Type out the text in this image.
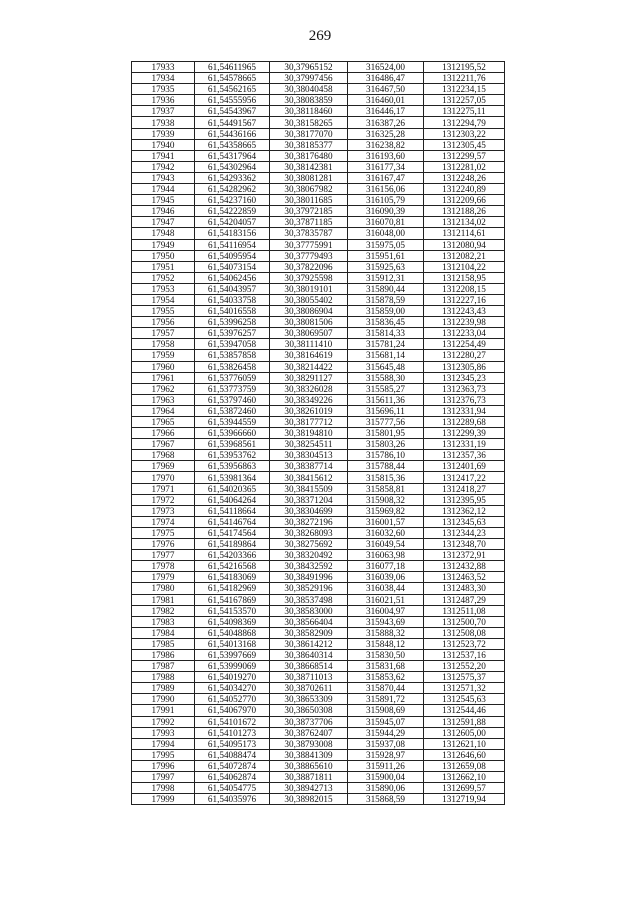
269
17933	61,54611965	30,37965152	316524,00	1312195,52
17934	61,54578665	30,37997456	316486,47	1312211,76
17935	61,54562165	30,38040458	316467,50	1312234,15
17936	61,54555956	30,38083859	316460,01	1312257,05
17937	61,54543967	30,38118460	316446,17	1312275,11
17938	61,54491567	30,38158265	316387,26	1312294,79
17939	61,54436166	30,38177070	316325,28	1312303,22
17940	61,54358665	30,38185377	316238,82	1312305,45
17941	61,54317964	30,38176480	316193,60	1312299,57
17942	61,54302964	30,38142381	316177,34	1312281,02
17943	61,54293362	30,38081281	316167,47	1312248,26
17944	61,54282962	30,38067982	316156,06	1312240,89
17945	61,54237160	30,38011685	316105,79	1312209,66
17946	61,54222859	30,37972185	316090,39	1312188,26
17947	61,54204057	30,37871185	316070,81	1312134,02
17948	61,54183156	30,37835787	316048,00	1312114,61
17949	61,54116954	30,37775991	315975,05	1312080,94
17950	61,54095954	30,37779493	315951,61	1312082,21
17951	61,54073154	30,37822096	315925,63	1312104,22
17952	61,54062456	30,37925598	315912,31	1312158,95
17953	61,54043957	30,38019101	315890,44	1312208,15
17954	61,54033758	30,38055402	315878,59	1312227,16
17955	61,54016558	30,38086904	315859,00	1312243,43
17956	61,53996258	30,38081506	315836,45	1312239,98
17957	61,53976257	30,38069507	315814,33	1312233,04
17958	61,53947058	30,38111410	315781,24	1312254,49
17959	61,53857858	30,38164619	315681,14	1312280,27
17960	61,53826458	30,38214422	315645,48	1312305,86
17961	61,53776059	30,38291127	315588,30	1312345,23
17962	61,53773759	30,38326028	315585,27	1312363,73
17963	61,53797460	30,38349226	315611,36	1312376,73
17964	61,53872460	30,38261019	315696,11	1312331,94
17965	61,53944559	30,38177712	315777,56	1312289,68
17966	61,53966660	30,38194810	315801,95	1312299,39
17967	61,53968561	30,38254511	315803,26	1312331,19
17968	61,53953762	30,38304513	315786,10	1312357,36
17969	61,53956863	30,38387714	315788,44	1312401,69
17970	61,53981364	30,38415612	315815,36	1312417,22
17971	61,54020365	30,38415509	315858,81	1312418,27
17972	61,54064264	30,38371204	315908,32	1312395,95
17973	61,54118664	30,38304699	315969,82	1312362,12
17974	61,54146764	30,38272196	316001,57	1312345,63
17975	61,54174564	30,38268093	316032,60	1312344,23
17976	61,54189864	30,38275692	316049,54	1312348,70
17977	61,54203366	30,38320492	316063,98	1312372,91
17978	61,54216568	30,38432592	316077,18	1312432,88
17979	61,54183069	30,38491996	316039,06	1312463,52
17980	61,54182969	30,38529196	316038,44	1312483,30
17981	61,54167869	30,38537498	316021,51	1312487,29
17982	61,54153570	30,38583000	316004,97	1312511,08
17983	61,54098369	30,38566404	315943,69	1312500,70
17984	61,54048868	30,38582909	315888,32	1312508,08
17985	61,54013168	30,38614212	315848,12	1312523,72
17986	61,53997669	30,38640314	315830,50	1312537,16
17987	61,53999069	30,38668514	315831,68	1312552,20
17988	61,54019270	30,38711013	315853,62	1312575,37
17989	61,54034270	30,38702611	315870,44	1312571,32
17990	61,54052770	30,38653309	315891,72	1312545,63
17991	61,54067970	30,38650308	315908,69	1312544,46
17992	61,54101672	30,38737706	315945,07	1312591,88
17993	61,54101273	30,38762407	315944,29	1312605,00
17994	61,54095173	30,38793008	315937,08	1312621,10
17995	61,54088474	30,38841309	315928,97	1312646,60
17996	61,54072874	30,38865610	315911,26	1312659,08
17997	61,54062874	30,38871811	315900,04	1312662,10
17998	61,54054775	30,38942713	315890,06	1312699,57
17999	61,54035976	30,38982015	315868,59	1312719,94
